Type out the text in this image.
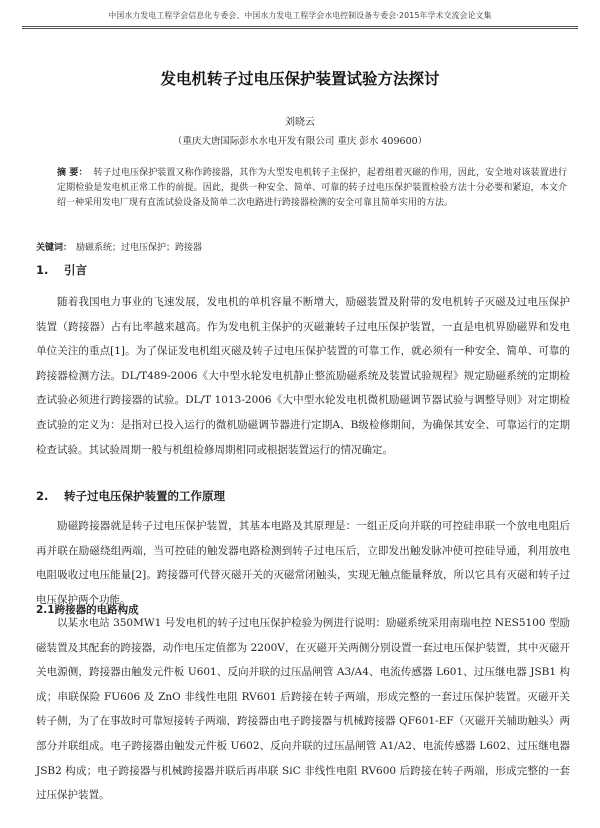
中国水力发电工程学会信息化专委会、中国水力发电工程学会水电控制设备专委会·2015年学术交流会论文集
发电机转子过电压保护装置试验方法探讨
刘晓云
（重庆大唐国际彭水水电开发有限公司 重庆 彭水 409600）
摘 要： 转子过电压保护装置又称作跨接器，其作为大型发电机转子主保护，起着组着灭磁的作用，因此，安全地对该装置进行定期检验是发电机正常工作的前提。因此，提供一种安全、简单、可靠的转子过电压保护装置检验方法十分必要和紧迫，本文介绍一种采用发电厂现有直流试验设备及简单二次电路进行跨接器检测的安全可靠且简单实用的方法。
关键词： 励磁系统；过电压保护；跨接器
1. 引言

随着我国电力事业的飞速发展，发电机的单机容量不断增大，励磁装置及附带的发电机转子灭磁及过电压保护装置（跨接器）占有比率越来越高。作为发电机主保护的灭磁兼转子过电压保护装置，一直是电机界励磁界和发电单位关注的重点[1]。为了保证发电机组灭磁及转子过电压保护装置的可靠工作，就必须有一种安全、简单、可靠的跨接器检测方法。DL/T489-2006《大中型水轮发电机静止整流励磁系统及装置试验规程》规定励磁系统的定期检查试验必须进行跨接器的试验。DL/T 1013-2006《大中型水轮发电机微机励磁调节器试验与调整导则》对定期检查试验的定义为：是指对已投入运行的微机励磁调节器进行定期A、B级检修期间，为确保其安全、可靠运行的定期检查试验。其试验周期一般与机组检修周期相同或根据装置运行的情况确定。

2. 转子过电压保护装置的工作原理

励磁跨接器就是转子过电压保护装置，其基本电路及其原理是：一组正反向并联的可控硅串联一个放电电阻后再并联在励磁绕组两端，当可控硅的触发器电路检测到转子过电压后，立即发出触发脉冲使可控硅导通，利用放电电阻吸收过电压能量[2]。跨接器可代替灭磁开关的灭磁常闭触头，实现无触点能量释放，所以它具有灭磁和转子过电压保护两个功能。

2.1跨接器的电路构成

以某水电站 350MW1 号发电机的转子过电压保护检验为例进行说明：励磁系统采用南瑞电控 NES5100 型励磁装置及其配套的跨接器，动作电压定值都为 2200V，在灭磁开关两侧分别设置一套过电压保护装置，其中灭磁开关电源侧，跨接器由触发元件板 U601、反向并联的过压晶闸管 A3/A4、电流传感器 L601、过压继电器 JSB1 构成；串联保险 FU606 及 ZnO 非线性电阻 RV601 后跨接在转子两端，形成完整的一套过压保护装置。灭磁开关转子侧，为了在事故时可靠短接转子两端，跨接器由电子跨接器与机械跨接器 QF601-EF（灭磁开关辅助触头）两部分并联组成。电子跨接器由触发元件板 U602、反向并联的过压晶闸管 A1/A2、电流传感器 L602、过压继电器 JSB2 构成；电子跨接器与机械跨接器并联后再串联 SiC 非线性电阻 RV600 后跨接在转子两端，形成完整的一套过压保护装置。
